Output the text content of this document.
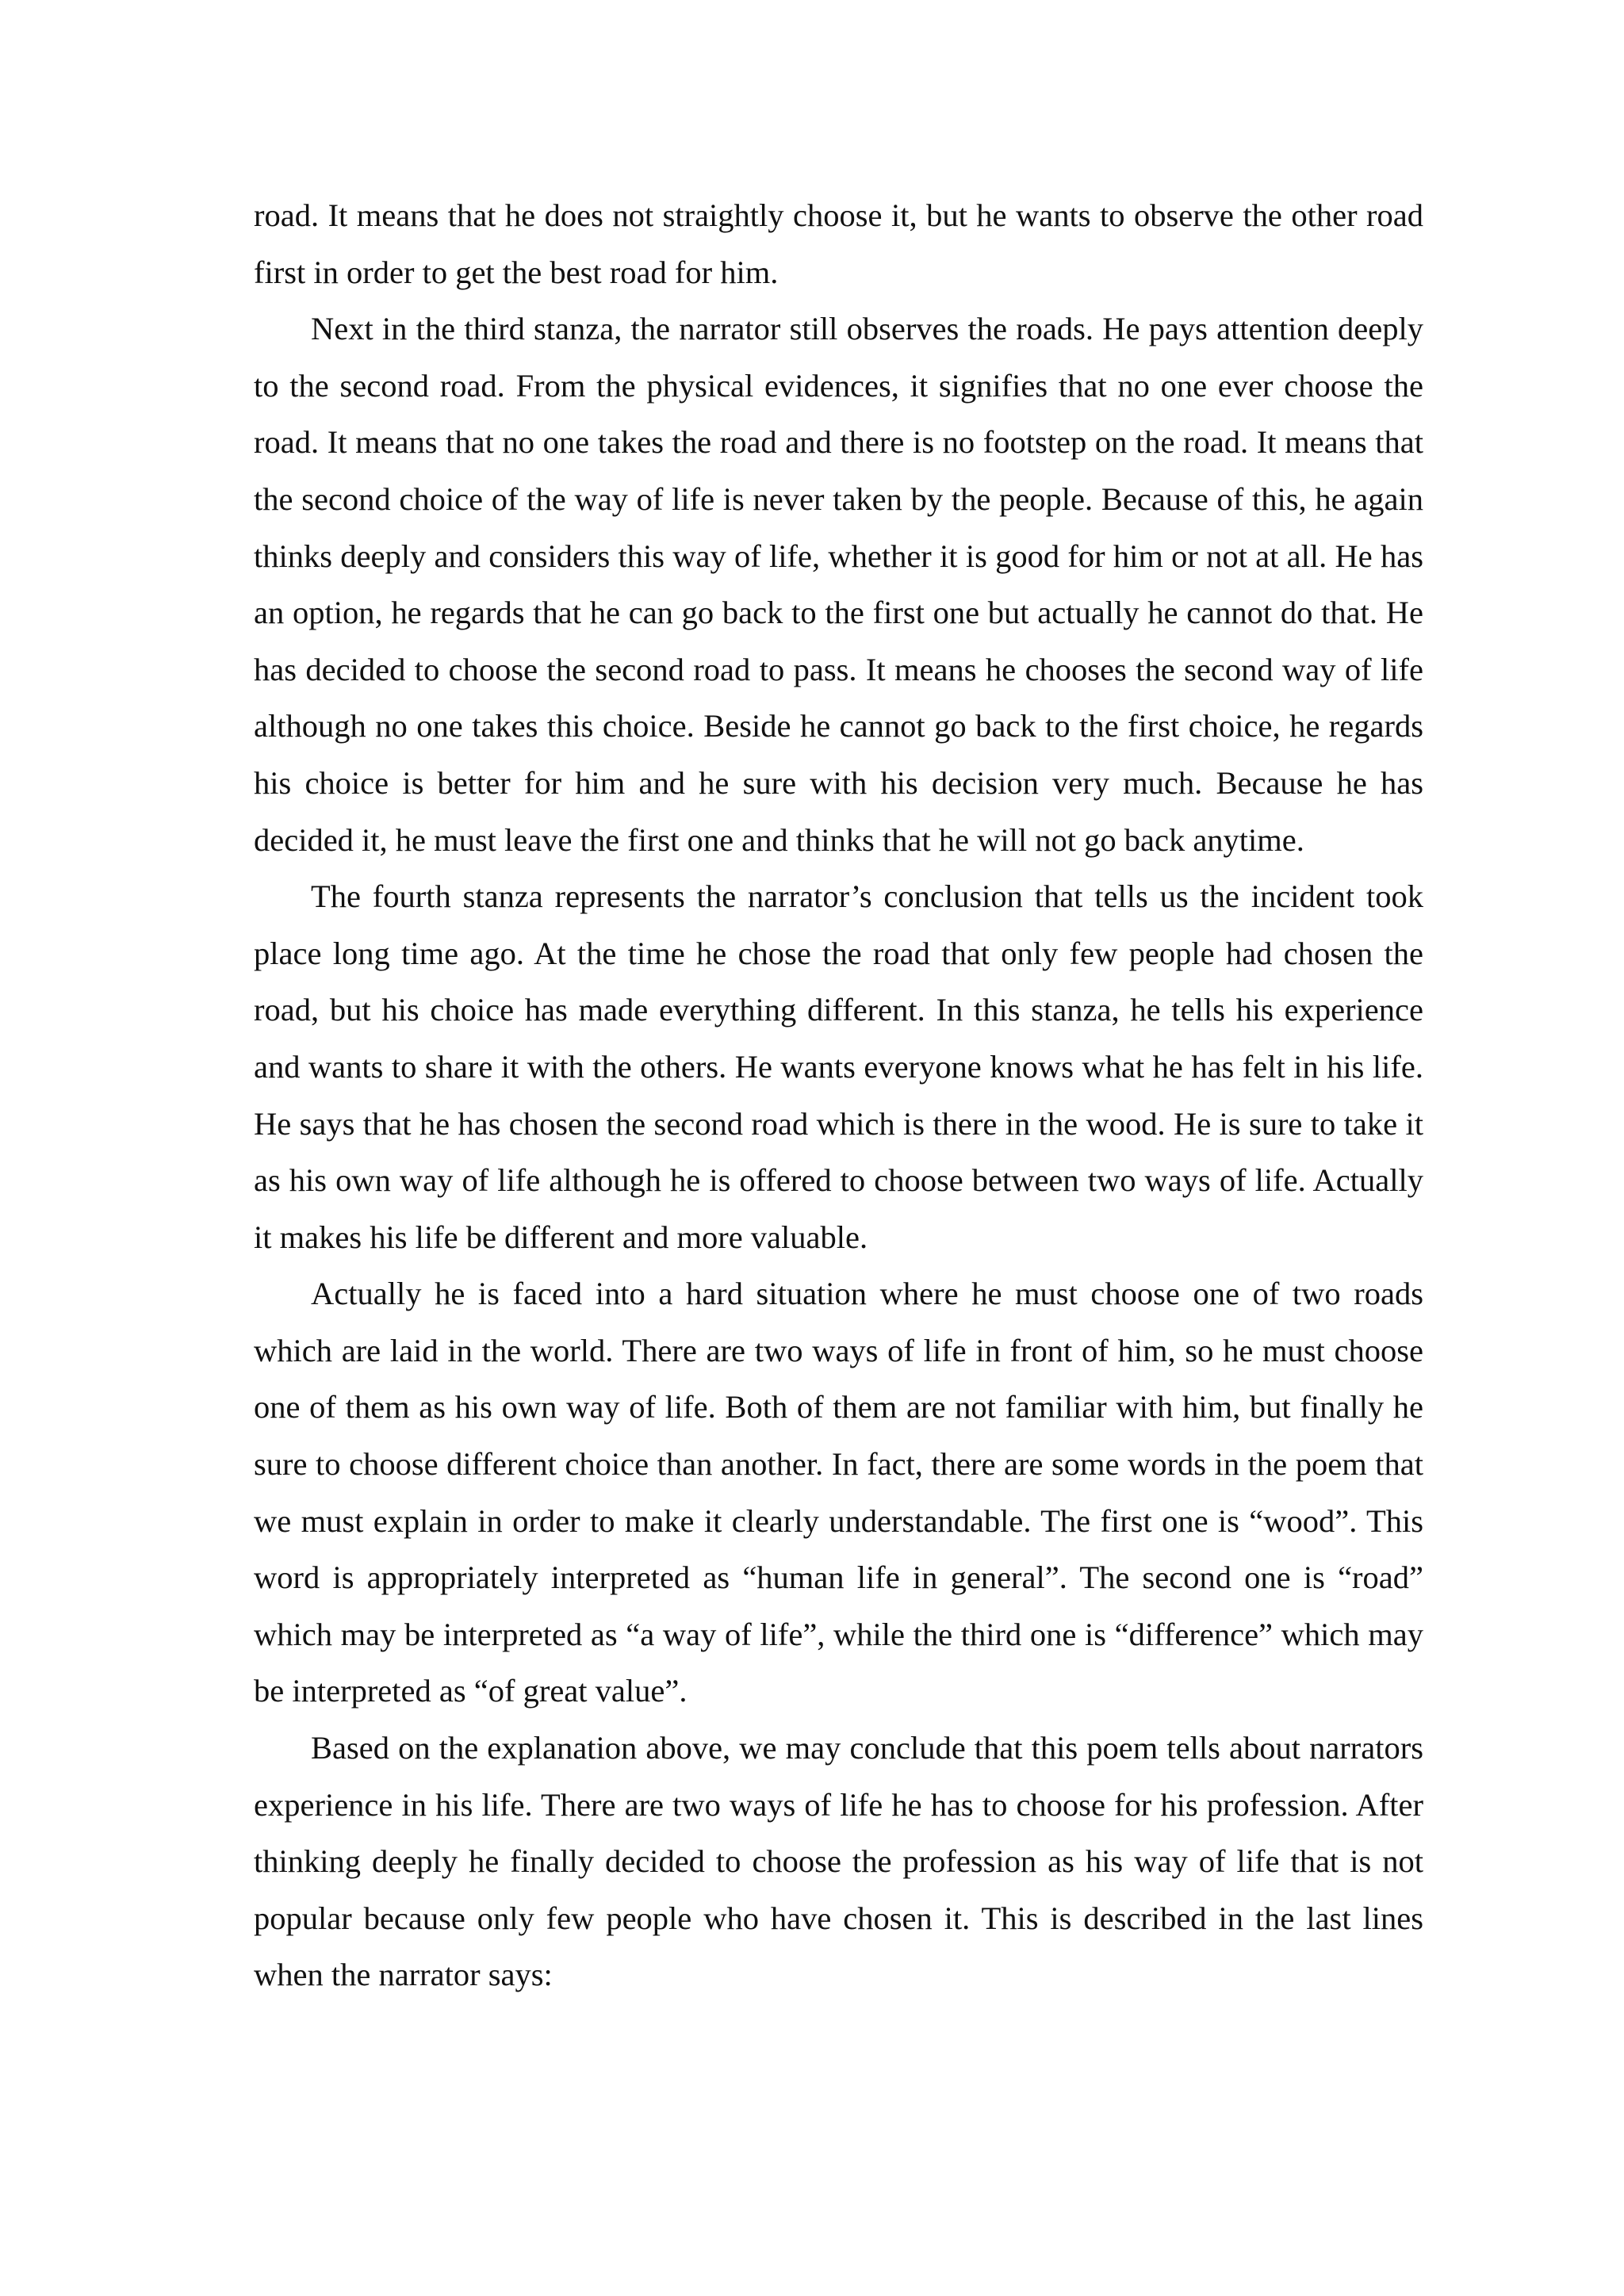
road. It means that he does not straightly choose it, but he wants to observe the other road first in order to get the best road for him.

Next in the third stanza, the narrator still observes the roads. He pays attention deeply to the second road. From the physical evidences, it signifies that no one ever choose the road. It means that no one takes the road and there is no footstep on the road. It means that the second choice of the way of life is never taken by the people. Because of this, he again thinks deeply and considers this way of life, whether it is good for him or not at all. He has an option, he regards that he can go back to the first one but actually he cannot do that. He has decided to choose the second road to pass. It means he chooses the second way of life although no one takes this choice. Beside he cannot go back to the first choice, he regards his choice is better for him and he sure with his decision very much. Because he has decided it, he must leave the first one and thinks that he will not go back anytime.

The fourth stanza represents the narrator’s conclusion that tells us the incident took place long time ago. At the time he chose the road that only few people had chosen the road, but his choice has made everything different. In this stanza, he tells his experience and wants to share it with the others. He wants everyone knows what he has felt in his life. He says that he has chosen the second road which is there in the wood. He is sure to take it as his own way of life although he is offered to choose between two ways of life. Actually it makes his life be different and more valuable.

Actually he is faced into a hard situation where he must choose one of two roads which are laid in the world. There are two ways of life in front of him, so he must choose one of them as his own way of life. Both of them are not familiar with him, but finally he sure to choose different choice than another. In fact, there are some words in the poem that we must explain in order to make it clearly understandable. The first one is “wood”. This word is appropriately interpreted as “human life in general”. The second one is “road” which may be interpreted as “a way of life”, while the third one is “difference” which may be interpreted as “of great value”.

Based on the explanation above, we may conclude that this poem tells about narrators experience in his life. There are two ways of life he has to choose for his profession. After thinking deeply he finally decided to choose the profession as his way of life that is not popular because only few people who have chosen it. This is described in the last lines when the narrator says:
